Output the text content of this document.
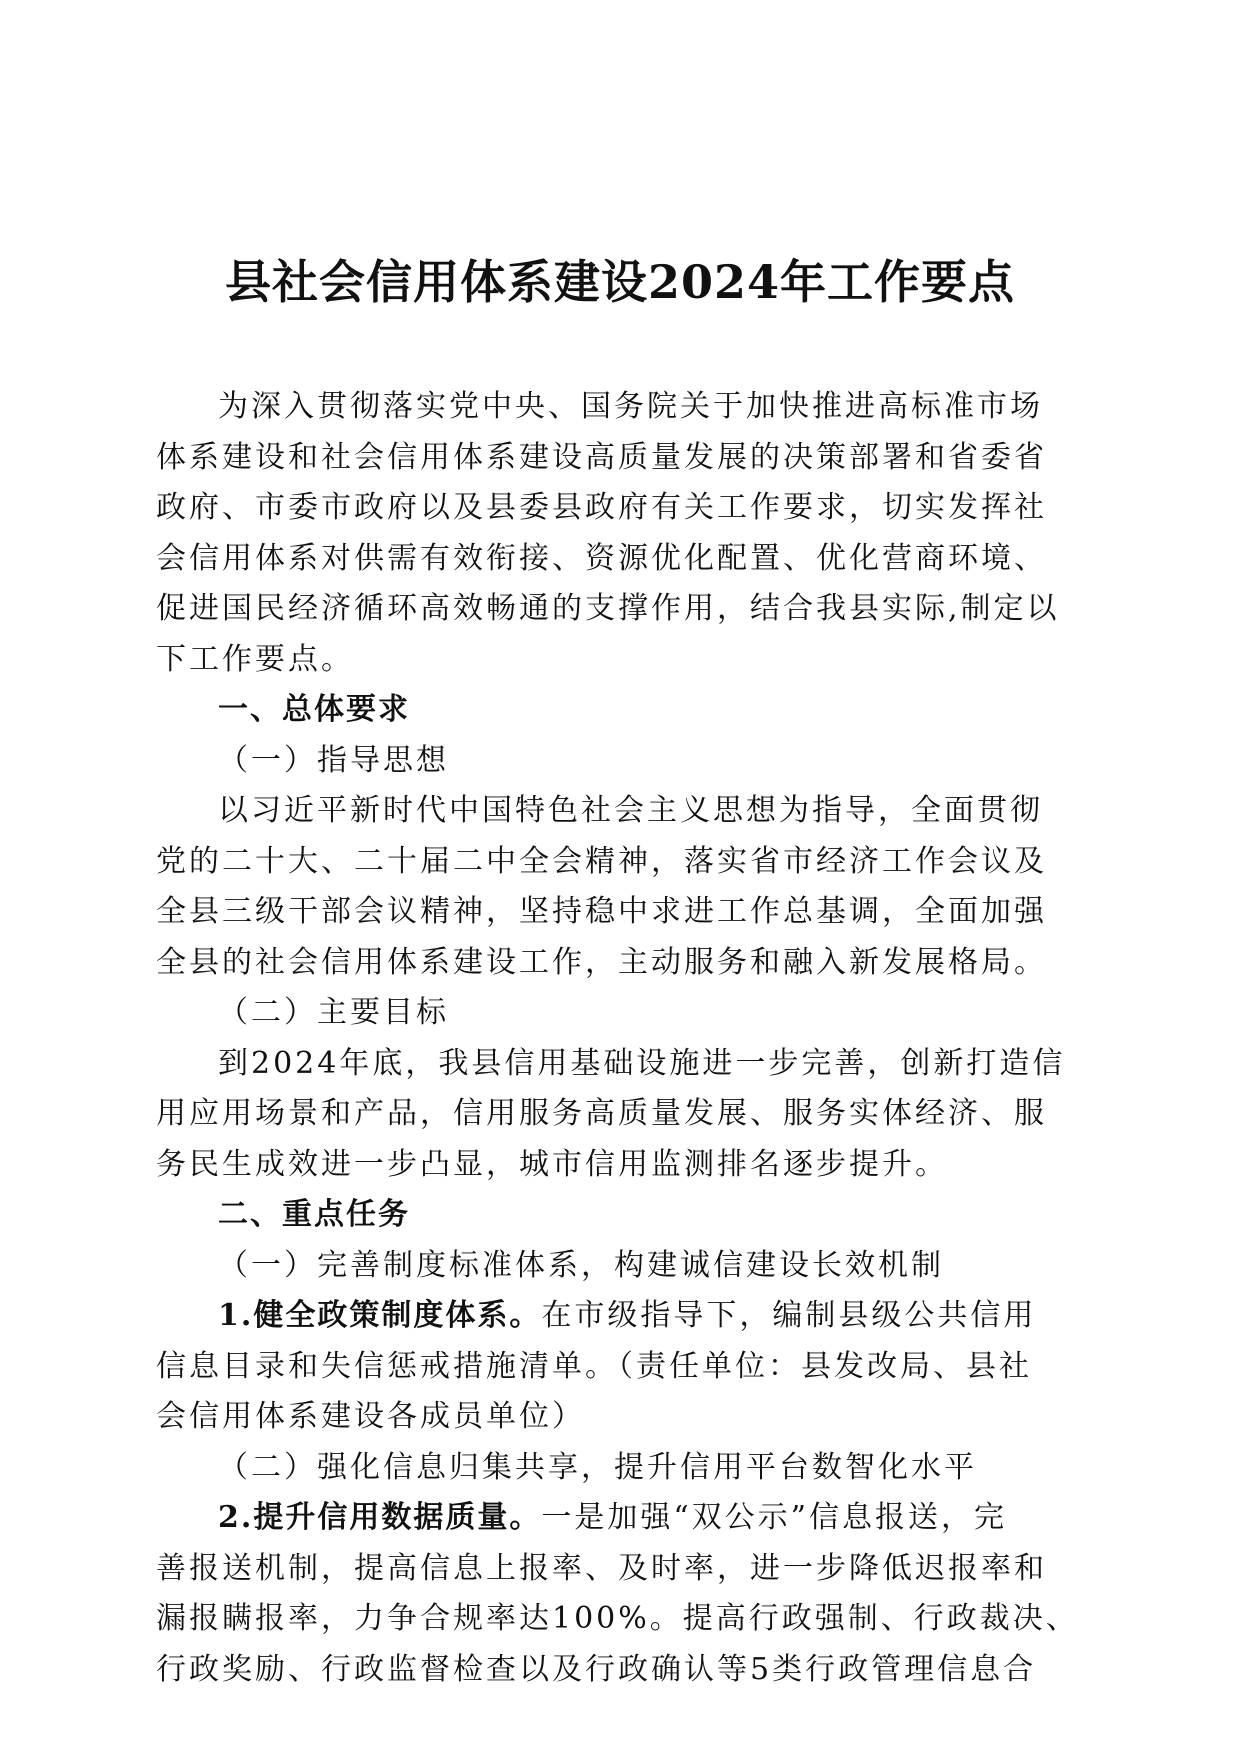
县社会信用体系建设2024年工作要点
为深入贯彻落实党中央、国务院关于加快推进高标准市场
体系建设和社会信用体系建设高质量发展的决策部署和省委省
政府、市委市政府以及县委县政府有关工作要求，切实发挥社
会信用体系对供需有效衔接、资源优化配置、优化营商环境、
促进国民经济循环高效畅通的支撑作用，结合我县实际,制定以
下工作要点。
一、总体要求
（一）指导思想
以习近平新时代中国特色社会主义思想为指导，全面贯彻
党的二十大、二十届二中全会精神，落实省市经济工作会议及
全县三级干部会议精神，坚持稳中求进工作总基调，全面加强
全县的社会信用体系建设工作，主动服务和融入新发展格局。
（二）主要目标
到2024年底，我县信用基础设施进一步完善，创新打造信
用应用场景和产品，信用服务高质量发展、服务实体经济、服
务民生成效进一步凸显，城市信用监测排名逐步提升。
二、重点任务
（一）完善制度标准体系，构建诚信建设长效机制
1.健全政策制度体系。在市级指导下，编制县级公共信用
信息目录和失信惩戒措施清单。（责任单位：县发改局、县社
会信用体系建设各成员单位）
（二）强化信息归集共享，提升信用平台数智化水平
2.提升信用数据质量。一是加强“双公示”信息报送，完
善报送机制，提高信息上报率、及时率，进一步降低迟报率和
漏报瞒报率，力争合规率达100%。提高行政强制、行政裁决、
行政奖励、行政监督检查以及行政确认等5类行政管理信息合
